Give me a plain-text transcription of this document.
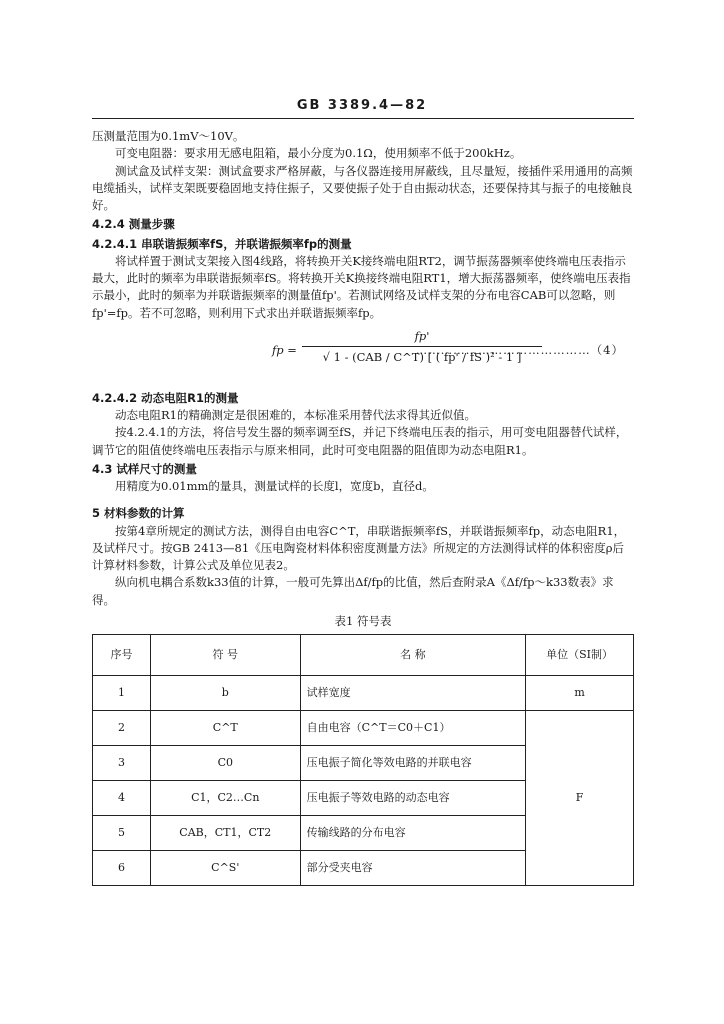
GB 3389.4—82

压测量范围为0.1mV～10V。

可变电阻器：要求用无感电阻箱，最小分度为0.1Ω，使用频率不低于200kHz。

测试盒及试样支架：测试盒要求严格屏蔽，与各仪器连接用屏蔽线，且尽量短，接插件采用通用的高频电缆插头，试样支架既要稳固地支持住振子，又要使振子处于自由振动状态，还要保持其与振子的电接触良好。

4.2.4 测量步骤

4.2.4.1 串联谐振频率fS，并联谐振频率fp的测量

将试样置于测试支架接入图4线路，将转换开关K接终端电阻RT2，调节振荡器频率使终端电压表指示最大，此时的频率为串联谐振频率fS。将转换开关K换接终端电阻RT1，增大振荡器频率，使终端电压表指示最小，此时的频率为并联谐振频率的测量值fp'。若测试网络及试样支架的分布电容CAB可以忽略，则fp'=fp。若不可忽略，则利用下式求出并联谐振频率fp。

fp =
fp'
√ 1 - (CAB / C^T) [ ( fp' / fS )² - 1 ]
……………………………………（4）

4.2.4.2 动态电阻R1的测量

动态电阻R1的精确测定是很困难的，本标准采用替代法求得其近似值。

按4.2.4.1的方法，将信号发生器的频率调至fS，并记下终端电压表的指示，用可变电阻器替代试样，调节它的阻值使终端电压表指示与原来相同，此时可变电阻器的阻值即为动态电阻R1。

4.3 试样尺寸的测量

用精度为0.01mm的量具，测量试样的长度l，宽度b，直径d。

5 材料参数的计算

按第4章所规定的测试方法，测得自由电容C^T，串联谐振频率fS，并联谐振频率fp，动态电阻R1，及试样尺寸。按GB 2413—81《压电陶瓷材料体积密度测量方法》所规定的方法测得试样的体积密度ρ后计算材料参数，计算公式及单位见表2。

纵向机电耦合系数k33值的计算，一般可先算出Δf/fp的比值，然后查附录A《Δf/fp～k33数表》求得。

表1 符号表

序号	符 号	名 称	单位（SI制）
1	b	试样宽度	m
2	C^T	自由电容（C^T＝C0＋C1）	F
3	C0	压电振子简化等效电路的并联电容	
4	C1，C2…Cn	压电振子等效电路的动态电容	
5	CAB，CT1，CT2	传输线路的分布电容	
6	C^S'	部分受夹电容	
